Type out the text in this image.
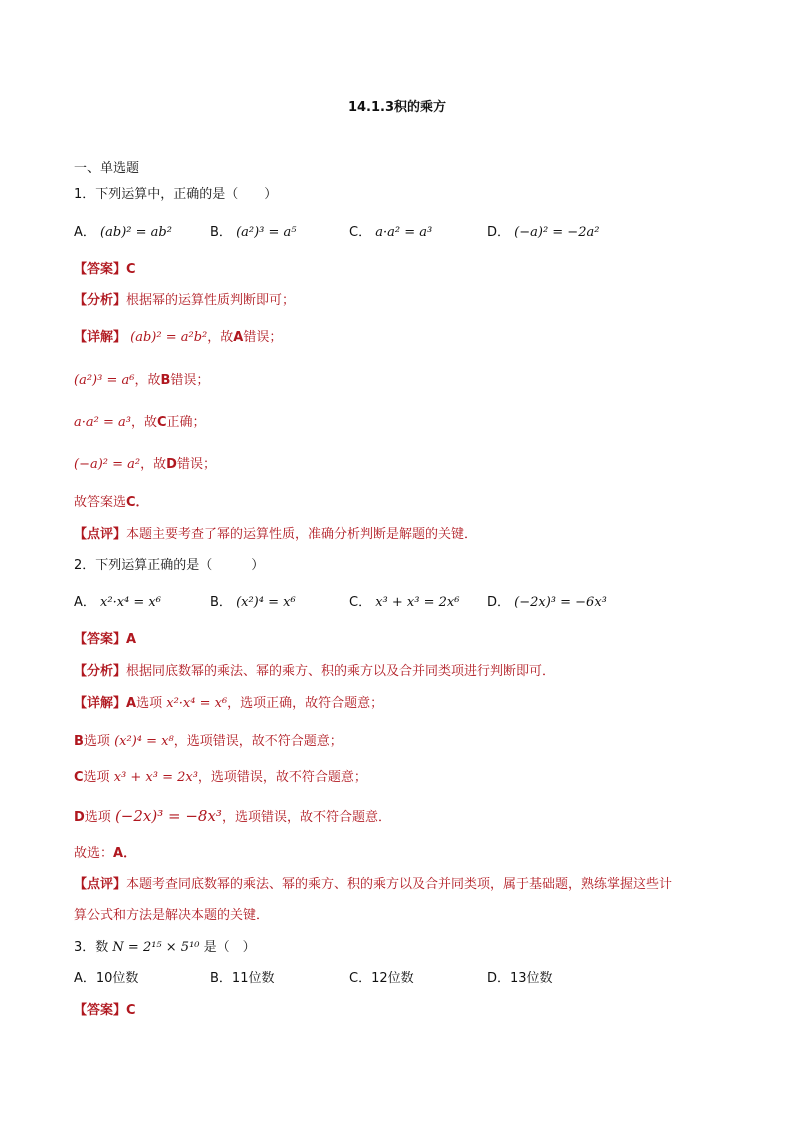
14.1.3积的乘方
一、单选题
1．下列运算中，正确的是（　　）
A． (ab)² = ab²	B． (a²)³ = a⁵	C． a·a² = a³	D． (−a)² = −2a²
【答案】C
【分析】根据幂的运算性质判断即可；
【详解】 (ab)² = a²b²，故A错误；
(a²)³ = a⁶，故B错误；
a·a² = a³，故C正确；
(−a)² = a²，故D错误；
故答案选C．
【点评】本题主要考查了幂的运算性质，准确分析判断是解题的关键．
2．下列运算正确的是（　　　）
A． x²·x⁴ = x⁶	B． (x²)⁴ = x⁶	C． x³ + x³ = 2x⁶ D． (−2x)³ = −6x³
【答案】A
【分析】根据同底数幂的乘法、幂的乘方、积的乘方以及合并同类项进行判断即可．
【详解】A选项 x²·x⁴ = x⁶，选项正确，故符合题意；
B选项 (x²)⁴ = x⁸，选项错误，故不符合题意；
C选项 x³ + x³ = 2x³，选项错误，故不符合题意；
D选项 (−2x)³ = −8x³，选项错误，故不符合题意．
故选：A．
【点评】本题考查同底数幂的乘法、幂的乘方、积的乘方以及合并同类项，属于基础题，熟练掌握这些计
算公式和方法是解决本题的关键．
3．数 N = 2¹⁵ × 5¹⁰ 是（　）
A．10位数	B．11位数	C．12位数	D．13位数
【答案】C
